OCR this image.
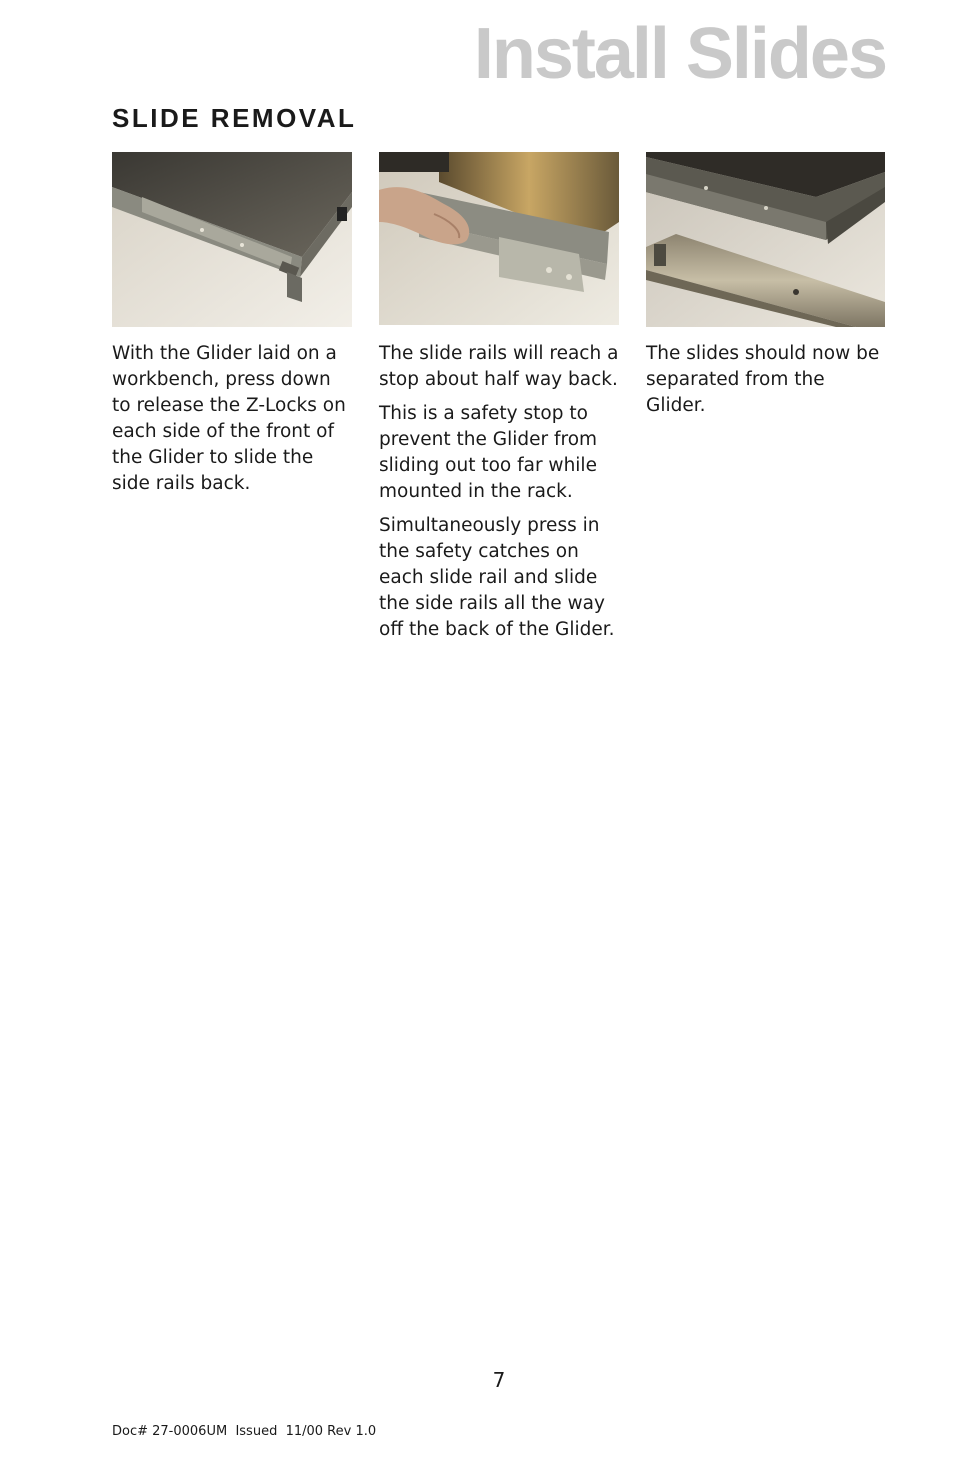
Install Slides
SLIDE REMOVAL

With the Glider laid on a workbench, press down to release the Z-Locks on each side of the front of the Glider to slide the side rails back.

The slide rails will reach a stop about half way back.

This is a safety stop to prevent the Glider from sliding out too far while mounted in the rack.

Simultaneously press in the safety catches on each slide rail and slide the side rails all the way off the back of the Glider.

The slides should now be separated from the Glider.

7
Doc# 27-0006UM  Issued  11/00 Rev 1.0
